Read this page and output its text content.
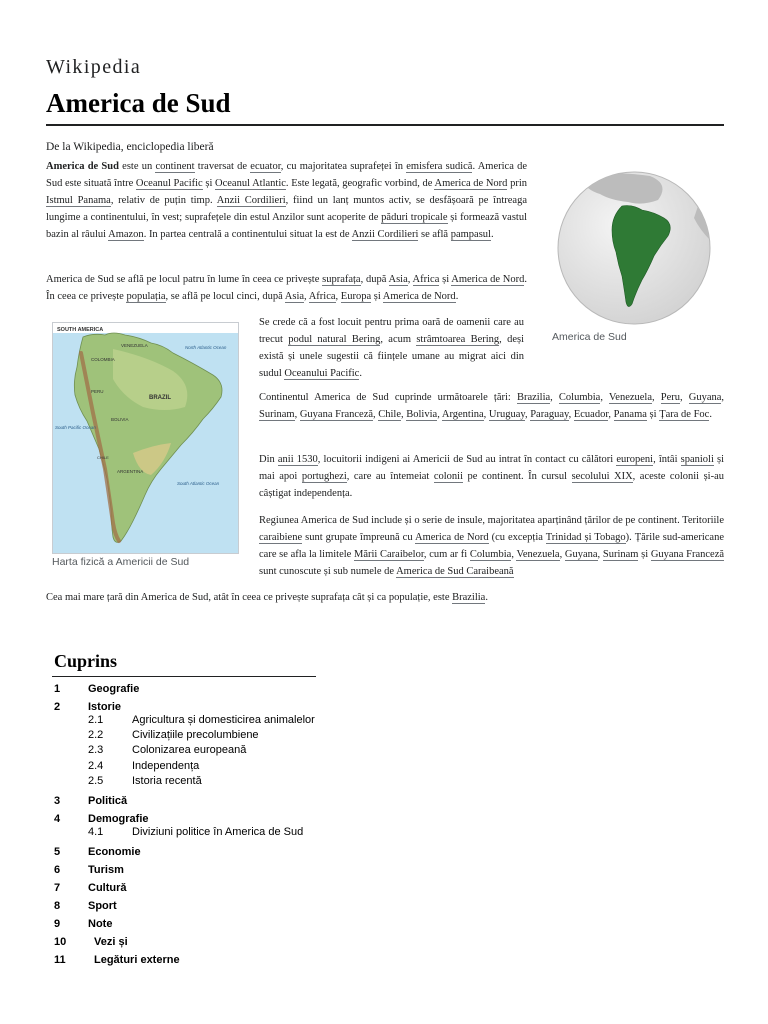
Wikipedia
America de Sud
De la Wikipedia, enciclopedia liberă
America de Sud este un continent traversat de ecuator, cu majoritatea suprafeței în emisfera sudică. America de Sud este situată între Oceanul Pacific și Oceanul Atlantic. Este legată, geografic vorbind, de America de Nord prin Istmul Panama, relativ de puțin timp. Anzii Cordilieri, fiind un lanț muntos activ, se desfășoară pe întreaga lungime a continentului, în vest; suprafețele din estul Anzilor sunt acoperite de păduri tropicale și formează vastul bazin al râului Amazon. In partea centrală a continentului situat la est de Anzii Cordilieri se află pampasul.
America de Sud
America de Sud se află pe locul patru în lume în ceea ce privește suprafața, după Asia, Africa și America de Nord. În ceea ce privește populația, se află pe locul cinci, după Asia, Africa, Europa și America de Nord.
SOUTH AMERICA
North Atlantic Ocean
South Pacific Ocean
South Atlantic Ocean
BRAZIL
PERU
BOLIVIA
ARGENTINA
CHILE
COLOMBIA
VENEZUELA
Harta fizică a Americii de Sud
Se crede că a fost locuit pentru prima oară de oamenii care au trecut podul natural Bering, acum strâmtoarea Bering, deși există și unele sugestii că ființele umane au migrat aici din sudul Oceanului Pacific.
Continentul America de Sud cuprinde următoarele țări: Brazilia, Columbia, Venezuela, Peru, Guyana, Surinam, Guyana Franceză, Chile, Bolivia, Argentina, Uruguay, Paraguay, Ecuador, Panama și Țara de Foc.
Din anii 1530, locuitorii indigeni ai Americii de Sud au intrat în contact cu călători europeni, întâi spanioli și mai apoi portughezi, care au întemeiat colonii pe continent. În cursul secolului XIX, aceste colonii și-au câștigat independența.
Regiunea America de Sud include și o serie de insule, majoritatea aparținând țărilor de pe continent. Teritoriile caraibiene sunt grupate împreună cu America de Nord (cu excepția Trinidad și Tobago). Țările sud-americane care se afla la limitele Mării Caraibelor, cum ar fi Columbia, Venezuela, Guyana, Surinam și Guyana Franceză sunt cunoscute și sub numele de America de Sud Caraibeană
Cea mai mare țară din America de Sud, atât în ceea ce privește suprafața cât și ca populație, este Brazilia.
Cuprins
1	Geografie
2	Istorie
2.1	Agricultura și domesticirea animalelor
2.2	Civilizațiile precolumbiene
2.3	Colonizarea europeană
2.4	Independența
2.5	Istoria recentă
3	Politică
4	Demografie
4.1	Diviziuni politice în America de Sud
5	Economie
6	Turism
7	Cultură
8	Sport
9	Note
10	Vezi și
11	Legături externe
